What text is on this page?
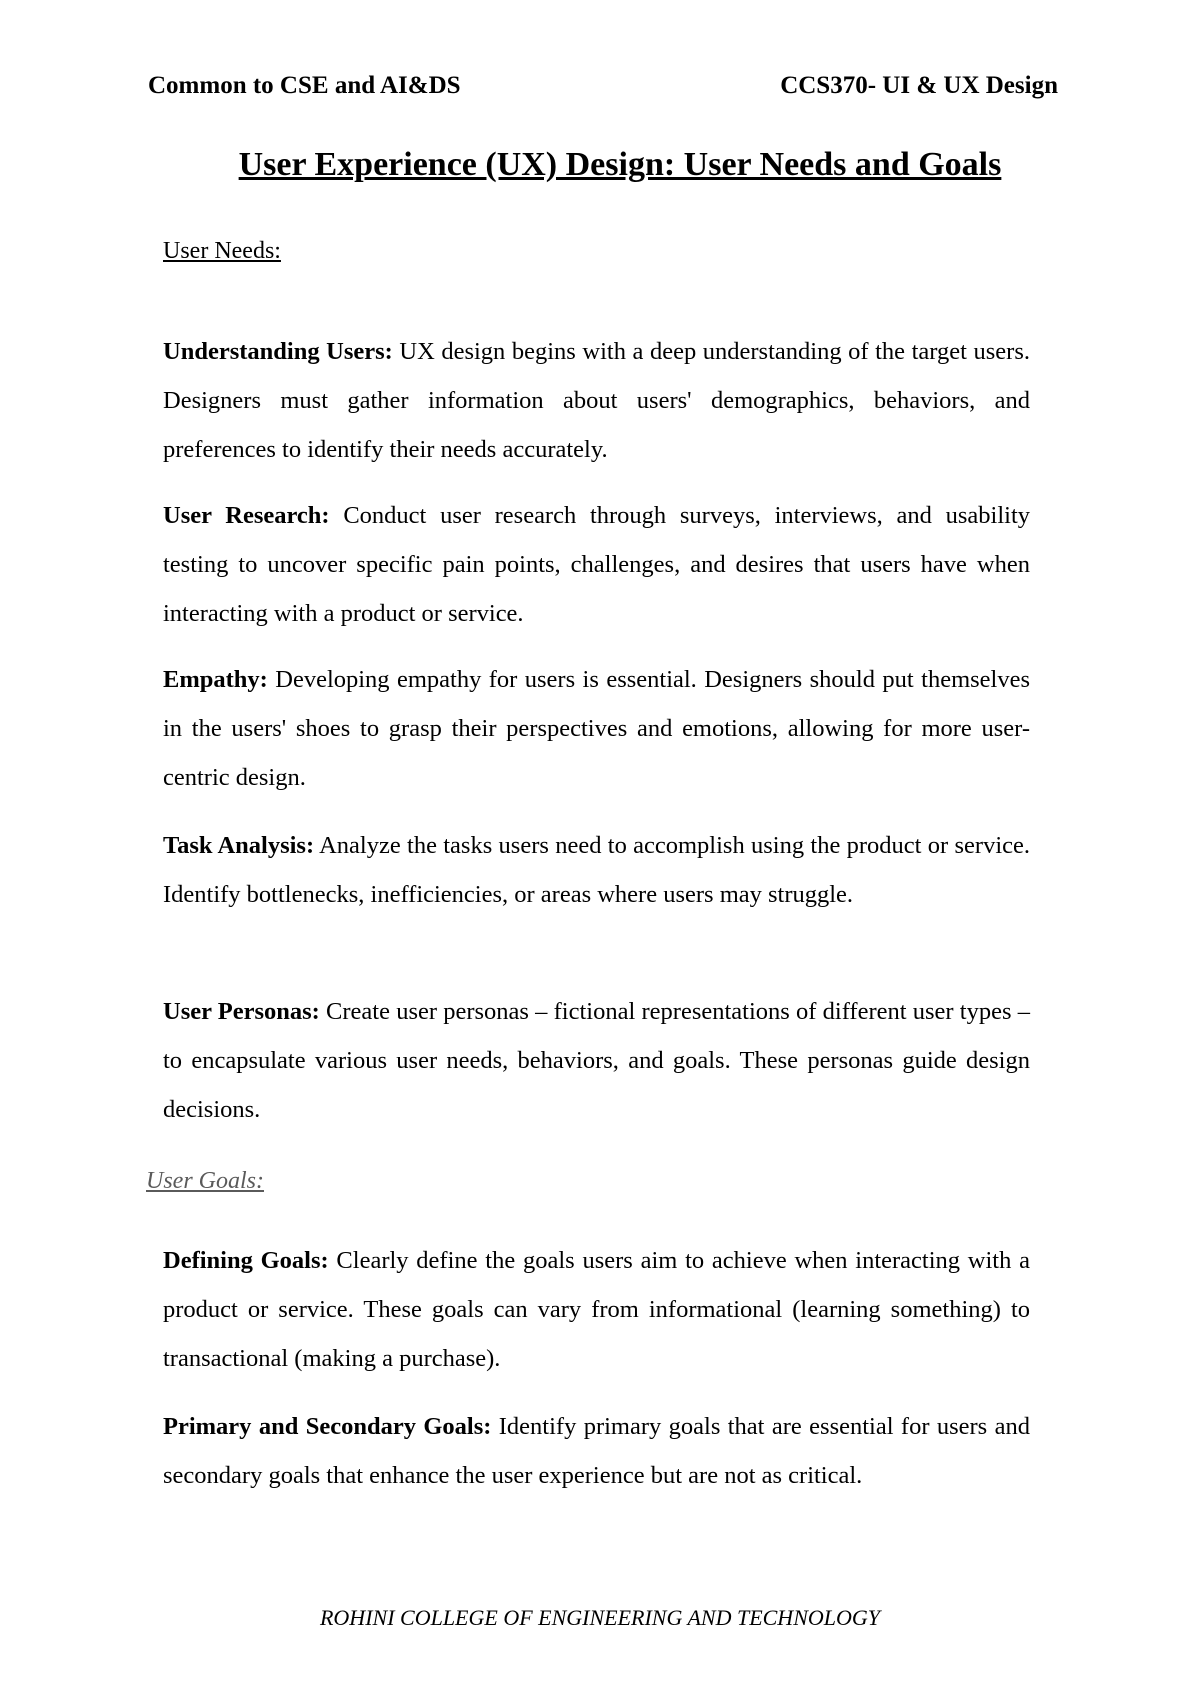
Common to CSE and AI&DS	CCS370- UI & UX Design
User Experience (UX) Design: User Needs and Goals
User Needs:
Understanding Users: UX design begins with a deep understanding of the target users. Designers must gather information about users' demographics, behaviors, and preferences to identify their needs accurately.
User Research: Conduct user research through surveys, interviews, and usability testing to uncover specific pain points, challenges, and desires that users have when interacting with a product or service.
Empathy: Developing empathy for users is essential. Designers should put themselves in the users' shoes to grasp their perspectives and emotions, allowing for more user-centric design.
Task Analysis: Analyze the tasks users need to accomplish using the product or service. Identify bottlenecks, inefficiencies, or areas where users may struggle.
User Personas: Create user personas – fictional representations of different user types – to encapsulate various user needs, behaviors, and goals. These personas guide design decisions.
User Goals:
Defining Goals: Clearly define the goals users aim to achieve when interacting with a product or service. These goals can vary from informational (learning something) to transactional (making a purchase).
Primary and Secondary Goals: Identify primary goals that are essential for users and secondary goals that enhance the user experience but are not as critical.
ROHINI COLLEGE OF ENGINEERING AND TECHNOLOGY
